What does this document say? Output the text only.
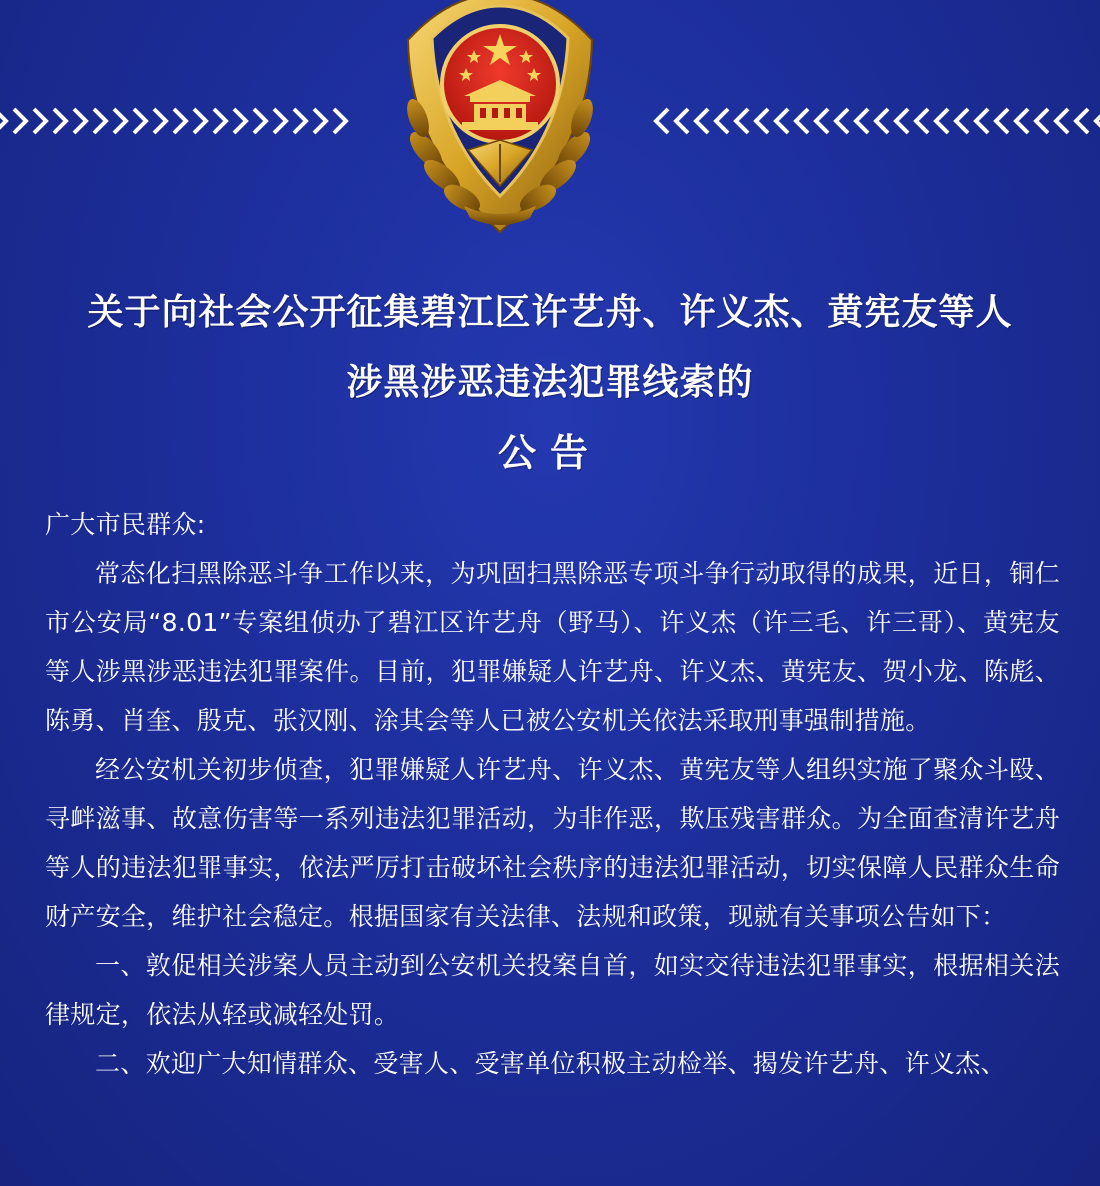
关于向社会公开征集碧江区许艺舟、许义杰、黄宪友等人
涉黑涉恶违法犯罪线索的
公告

广大市民群众:

常态化扫黑除恶斗争工作以来，为巩固扫黑除恶专项斗争行动取得的成果，近日，铜仁市公安局“8.01”专案组侦办了碧江区许艺舟（野马）、许义杰（许三毛、许三哥）、黄宪友等人涉黑涉恶违法犯罪案件。目前，犯罪嫌疑人许艺舟、许义杰、黄宪友、贺小龙、陈彪、陈勇、肖奎、殷克、张汉刚、涂其会等人已被公安机关依法采取刑事强制措施。

经公安机关初步侦查，犯罪嫌疑人许艺舟、许义杰、黄宪友等人组织实施了聚众斗殴、寻衅滋事、故意伤害等一系列违法犯罪活动，为非作恶，欺压残害群众。为全面查清许艺舟等人的违法犯罪事实，依法严厉打击破坏社会秩序的违法犯罪活动，切实保障人民群众生命财产安全，维护社会稳定。根据国家有关法律、法规和政策，现就有关事项公告如下：

一、敦促相关涉案人员主动到公安机关投案自首，如实交待违法犯罪事实，根据相关法律规定，依法从轻或减轻处罚。

二、欢迎广大知情群众、受害人、受害单位积极主动检举、揭发许艺舟、许义杰、
